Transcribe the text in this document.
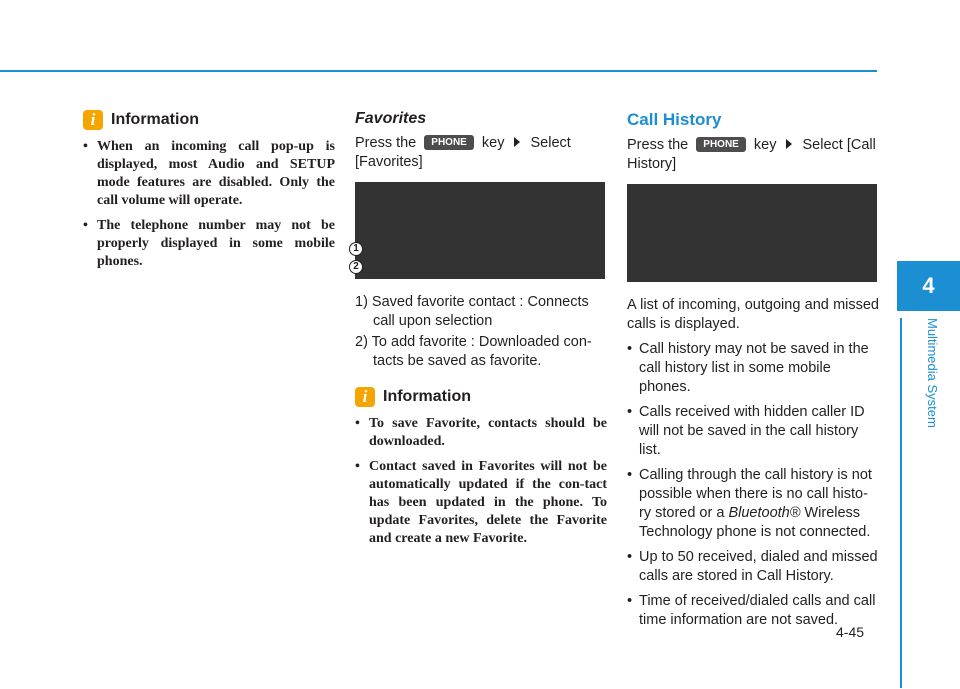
i Information
• When an incoming call pop-up is displayed, most Audio and SETUP mode features are disabled. Only the call volume will operate.
• The telephone number may not be properly displayed in some mobile phones.
Favorites

Press the PHONE key Select [Favorites]

1
2
1) Saved favorite contact : Connects call upon selection
2) To add favorite : Downloaded con-tacts be saved as favorite.
i Information
• To save Favorite, contacts should be downloaded.
• Contact saved in Favorites will not be automatically updated if the con-tact has been updated in the phone. To update Favorites, delete the Favorite and create a new Favorite.
Call History

Press the PHONE key Select [Call History]

A list of incoming, outgoing and missed calls is displayed.

• Call history may not be saved in the call history list in some mobile phones.
• Calls received with hidden caller ID will not be saved in the call history list.
• Calling through the call history is not possible when there is no call histo-ry stored or a Bluetooth® Wireless Technology phone is not connected.
• Up to 50 received, dialed and missed calls are stored in Call History.
• Time of received/dialed calls and call time information are not saved.
4
Multimedia System
4-45
